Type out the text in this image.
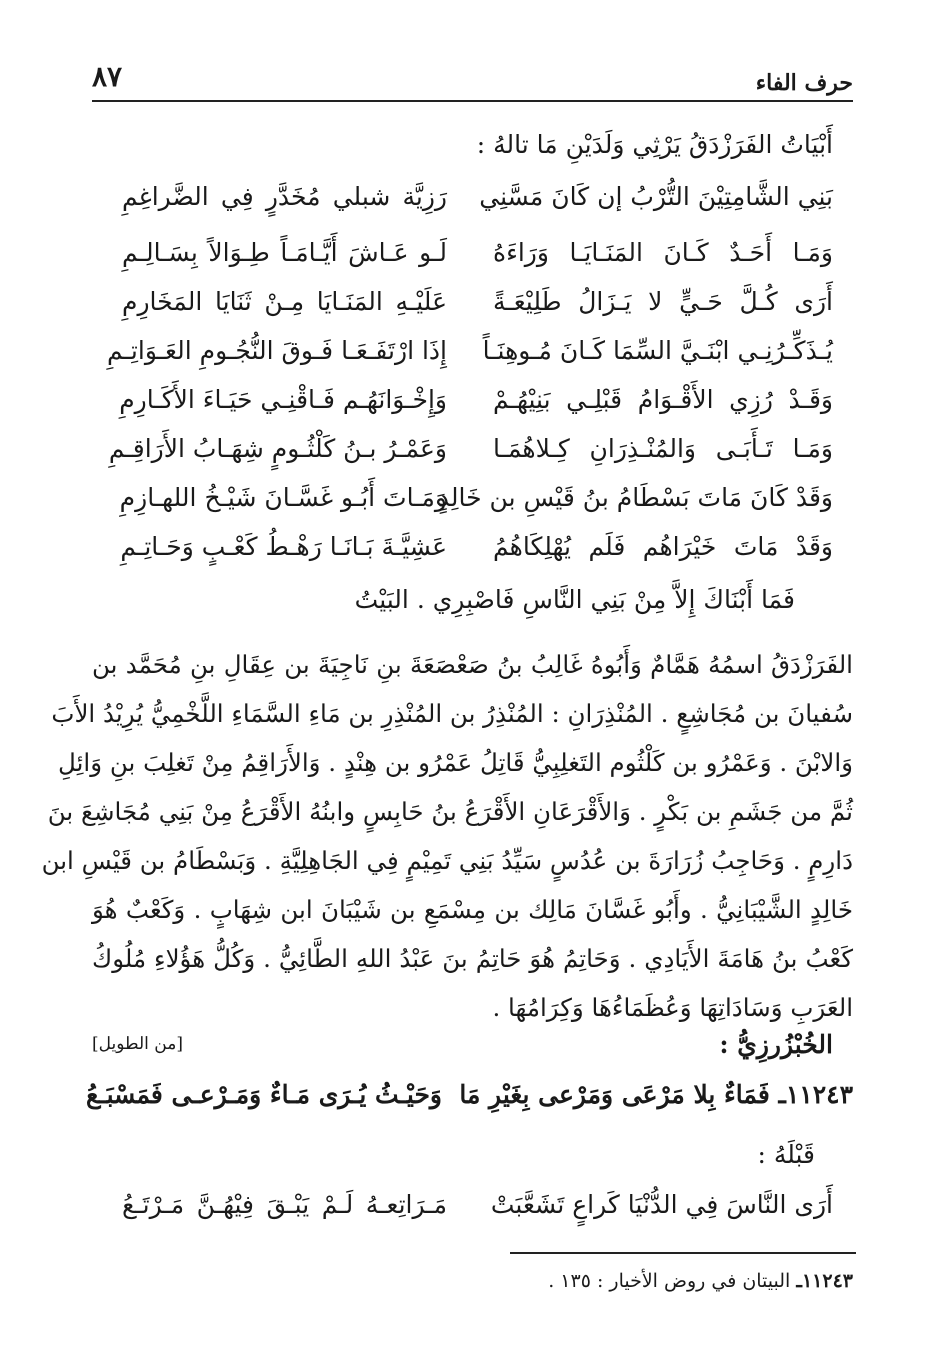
حرف الفاء
٨٧
أَبْيَاتُ الفَرَزْدَقُ يَرْثِي وَلَدَيْنِ مَا تالهُ :
بَنِي الشَّامِتِيْنَ التُّرْبُ إن كَانَ مَسَّنِي
رَزِيَّة شبلي مُخَدَّرٍ فِي الضَّراغِمِ
وَمَـا أَحَـدٌ كَـانَ المَنَـايَـا وَرَاءَهُ
لَـو عَـاشَ أَيَّـامَـاً طِـوَالاً بِسَـالِـمِ
أَرَى كُـلَّ حَـيٍّ لا يَـزَالُ طَلِيْعَـةً
عَلَيْـهِ المَنَـايَا مِـنْ ثَنَايَا المَخَارِمِ
يُـذَكِّـرُنِـي ابْنَـيَّ السِّمَا كَـانَ مُـوهِنَـاً
إِذَا ارْتَفَـعَـا فَـوقَ النُّجُـومِ العَـوَاتِـمِ
وَقَـدْ رُزِي الأَقْـوَامُ قَبْلِـي بَنِيْهُـمْ
وَإِخْـوَانَهُـم فَـاقْنِـي حَيَـاءَ الأَكَـارِمِ
وَمَـا تَـأَبَـى وَالمُنْـذِرَانِ كِـلاهُمَـا
وَعَمْـرُ بـنُ كَلْثُـومٍ شِهَـابُ الأَرَاقِـمِ
وَقَدْ كَانَ مَاتَ بَسْطَامُ بنُ قَيْسِ بن خَالِدٍ
وَمَـاتَ أَبُـو غَسَّـانَ شَيْـخُ اللهـازِمِ
وَقَدْ مَاتَ خَيْرَاهُم فَلَم يُهْلِكَاهُمُ
عَشِيَّـةَ بَـانَـا رَهْـطُ كَعْـبٍ وَحَـاتِـمِ
فَمَا أَبْنَاكَ إِلاَّ مِنْ بَنِي النَّاسِ فَاصْبِرِي . البَيْتُ

الفَرَزْدَقُ اسمُهُ هَمَّامٌ وَأَبُوهُ غَالِبُ بنُ صَعْصَعَةَ بنِ نَاجِيَةَ بن عِقَالِ بنِ مُحَمَّد بن

سُفيانَ بن مُجَاشِعٍ . المُنْذِرَانِ : المُنْذِرُ بن المُنْذِرِ بن مَاءِ السَّمَاءِ اللَّخْمِيُّ يُرِيْدُ الأَبَ

وَالابْنَ . وَعَمْرُو بن كَلْثُوم التَغلِبِيُّ قَاتِلُ عَمْرُو بن هِنْدٍ . وَالأَرَاقِمُ مِنْ تَغلِبَ بنِ وَائِلِ

ثُمَّ من جَشَمِ بن بَكْرٍ . وَالأَقْرَعَانِ الأَقْرَعُ بنُ حَابِسٍ وابنُهُ الأَقْرَعُ مِنْ بَنِي مُجَاشِعَ بنَ

دَارِمٍ . وَحَاجِبُ زُرَارَةَ بن عُدُسٍ سَيِّدُ بَنِي تَمِيْمٍ فِي الجَاهِلِيَّةِ . وَبَسْطَامُ بن قَيْسِ ابن

خَالِدٍ الشَّيْبَانِيُّ . وأَبُو غَسَّانَ مَالِك بن مِسْمَعِ بن شَيْبَانَ ابن شِهَابٍ . وَكَعْبٌ هُوَ

كَعْبُ بنُ هَامَةَ الأَيَادِي . وَحَاتِمُ هُوَ حَاتِمُ بنَ عَبْدُ اللهِ الطَّائِيُّ . وَكُلُّ هَؤُلاءِ مُلُوكُ

العَرَبِ وَسَادَاتِهَا وَعُظَمَاءُهَا وَكِرَامُهَا .

الخُبْزُرزِيُّ :
[من الطويل]
١١٢٤٣ـ فَمَاءٌ بِلا مَرْعَى وَمَرْعى بِغَيْرِ مَا
وَحَيْـثُ يُـرَى مَـاءٌ وَمَـرْعـى فَمَسْبَـعُ
قَبْلَهُ :
أَرَى النَّاسَ فِي الدُّنْيَا كَراعٍ تَشَعَّبَتْ
مَـرَاتِعـهُ لَـمْ يَبْـقَ فِيْهُـنَّ مَـرْتَـعُ
١١٢٤٣ـ البيتان في روض الأخيار : ١٣٥ .
